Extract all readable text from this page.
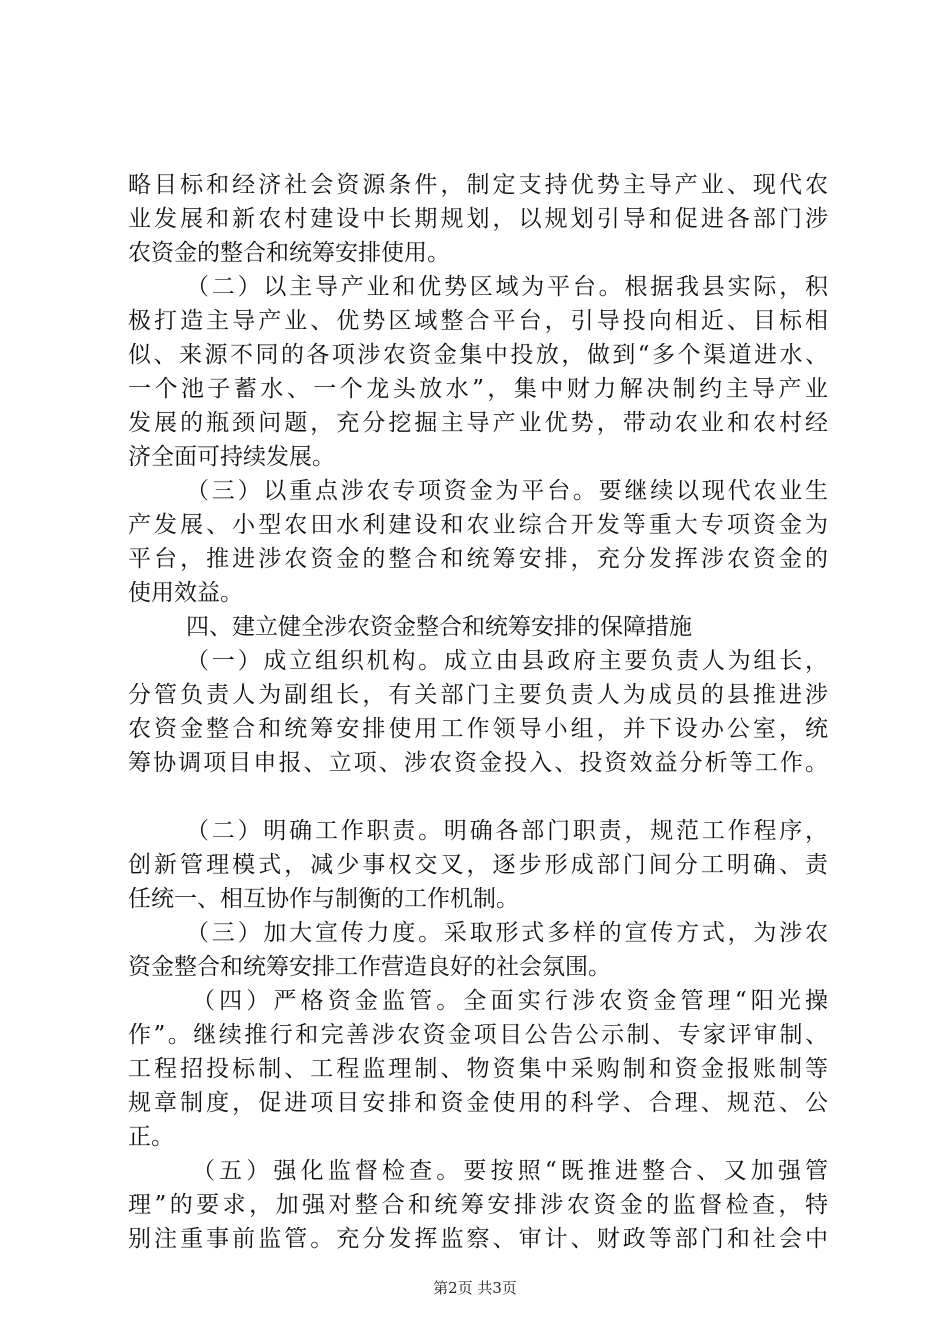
略目标和经济社会资源条件，制定支持优势主导产业、现代农
业发展和新农村建设中长期规划，以规划引导和促进各部门涉
农资金的整合和统筹安排使用。
（二）以主导产业和优势区域为平台。根据我县实际，积
极打造主导产业、优势区域整合平台，引导投向相近、目标相
似、来源不同的各项涉农资金集中投放，做到“多个渠道进水、
一个池子蓄水、一个龙头放水”，集中财力解决制约主导产业
发展的瓶颈问题，充分挖掘主导产业优势，带动农业和农村经
济全面可持续发展。
（三）以重点涉农专项资金为平台。要继续以现代农业生
产发展、小型农田水利建设和农业综合开发等重大专项资金为
平台，推进涉农资金的整合和统筹安排，充分发挥涉农资金的
使用效益。
四、建立健全涉农资金整合和统筹安排的保障措施
（一）成立组织机构。成立由县政府主要负责人为组长，
分管负责人为副组长，有关部门主要负责人为成员的县推进涉
农资金整合和统筹安排使用工作领导小组，并下设办公室，统
筹协调项目申报、立项、涉农资金投入、投资效益分析等工作。
（二）明确工作职责。明确各部门职责，规范工作程序，
创新管理模式，减少事权交叉，逐步形成部门间分工明确、责
任统一、相互协作与制衡的工作机制。
（三）加大宣传力度。采取形式多样的宣传方式，为涉农
资金整合和统筹安排工作营造良好的社会氛围。
（四）严格资金监管。全面实行涉农资金管理“阳光操
作”。继续推行和完善涉农资金项目公告公示制、专家评审制、
工程招投标制、工程监理制、物资集中采购制和资金报账制等
规章制度，促进项目安排和资金使用的科学、合理、规范、公
正。
（五）强化监督检查。要按照“既推进整合、又加强管
理”的要求，加强对整合和统筹安排涉农资金的监督检查，特
别注重事前监管。充分发挥监察、审计、财政等部门和社会中
第2页 共3页
